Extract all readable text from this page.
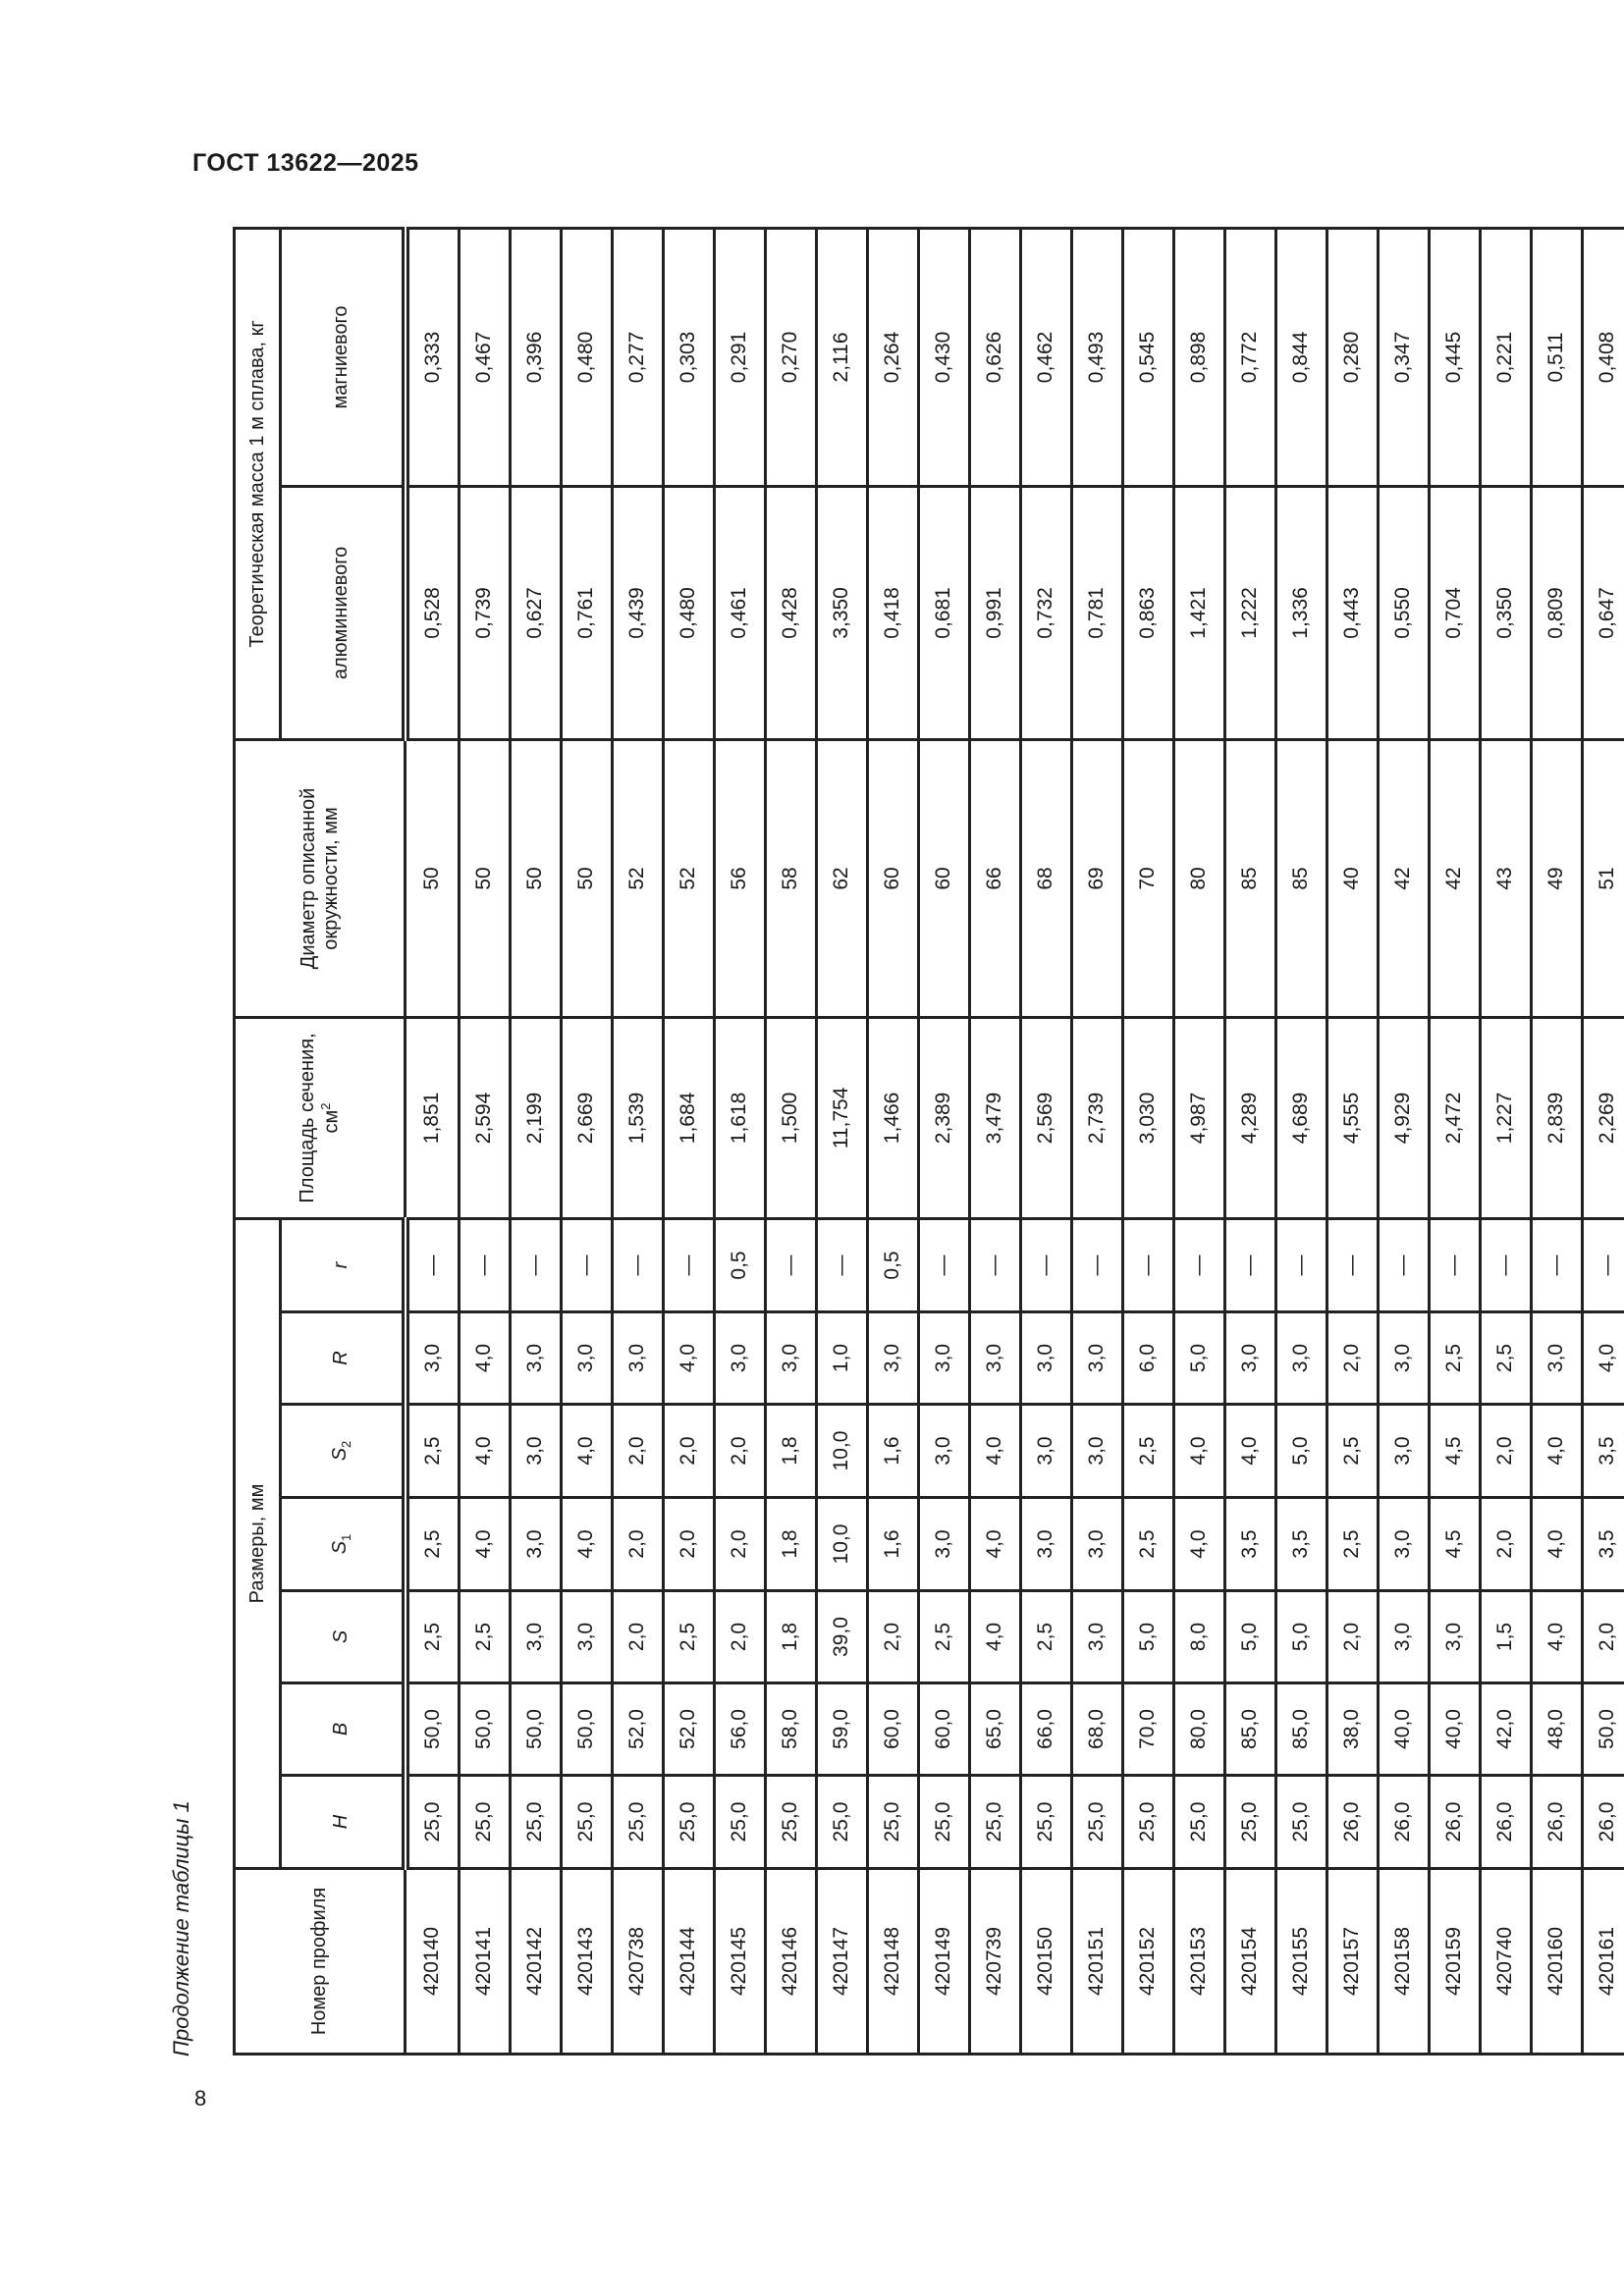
ГОСТ 13622—2025
Продолжение таблицы 1
8
Номер профиля	Размеры, мм							Площадь сечения, $см^2$	Диаметр описанной окружности, мм	Теоретическая масса 1 м сплава, кг	
	H	B	S	$S_1$	$S_2$	R	r			алюминиевого	магниевого
420140	25,0	50,0	2,5	2,5	2,5	3,0	—	1,851	50	0,528	0,333
420141	25,0	50,0	2,5	4,0	4,0	4,0	—	2,594	50	0,739	0,467
420142	25,0	50,0	3,0	3,0	3,0	3,0	—	2,199	50	0,627	0,396
420143	25,0	50,0	3,0	4,0	4,0	3,0	—	2,669	50	0,761	0,480
420738	25,0	52,0	2,0	2,0	2,0	3,0	—	1,539	52	0,439	0,277
420144	25,0	52,0	2,5	2,0	2,0	4,0	—	1,684	52	0,480	0,303
420145	25,0	56,0	2,0	2,0	2,0	3,0	0,5	1,618	56	0,461	0,291
420146	25,0	58,0	1,8	1,8	1,8	3,0	—	1,500	58	0,428	0,270
420147	25,0	59,0	39,0	10,0	10,0	1,0	—	11,754	62	3,350	2,116
420148	25,0	60,0	2,0	1,6	1,6	3,0	0,5	1,466	60	0,418	0,264
420149	25,0	60,0	2,5	3,0	3,0	3,0	—	2,389	60	0,681	0,430
420739	25,0	65,0	4,0	4,0	4,0	3,0	—	3,479	66	0,991	0,626
420150	25,0	66,0	2,5	3,0	3,0	3,0	—	2,569	68	0,732	0,462
420151	25,0	68,0	3,0	3,0	3,0	3,0	—	2,739	69	0,781	0,493
420152	25,0	70,0	5,0	2,5	2,5	6,0	—	3,030	70	0,863	0,545
420153	25,0	80,0	8,0	4,0	4,0	5,0	—	4,987	80	1,421	0,898
420154	25,0	85,0	5,0	3,5	4,0	3,0	—	4,289	85	1,222	0,772
420155	25,0	85,0	5,0	3,5	5,0	3,0	—	4,689	85	1,336	0,844
420157	26,0	38,0	2,0	2,5	2,5	2,0	—	4,555	40	0,443	0,280
420158	26,0	40,0	3,0	3,0	3,0	3,0	—	4,929	42	0,550	0,347
420159	26,0	40,0	3,0	4,5	4,5	2,5	—	2,472	42	0,704	0,445
420740	26,0	42,0	1,5	2,0	2,0	2,5	—	1,227	43	0,350	0,221
420160	26,0	48,0	4,0	4,0	4,0	3,0	—	2,839	49	0,809	0,511
420161	26,0	50,0	2,0	3,5	3,5	4,0	—	2,269	51	0,647	0,408
